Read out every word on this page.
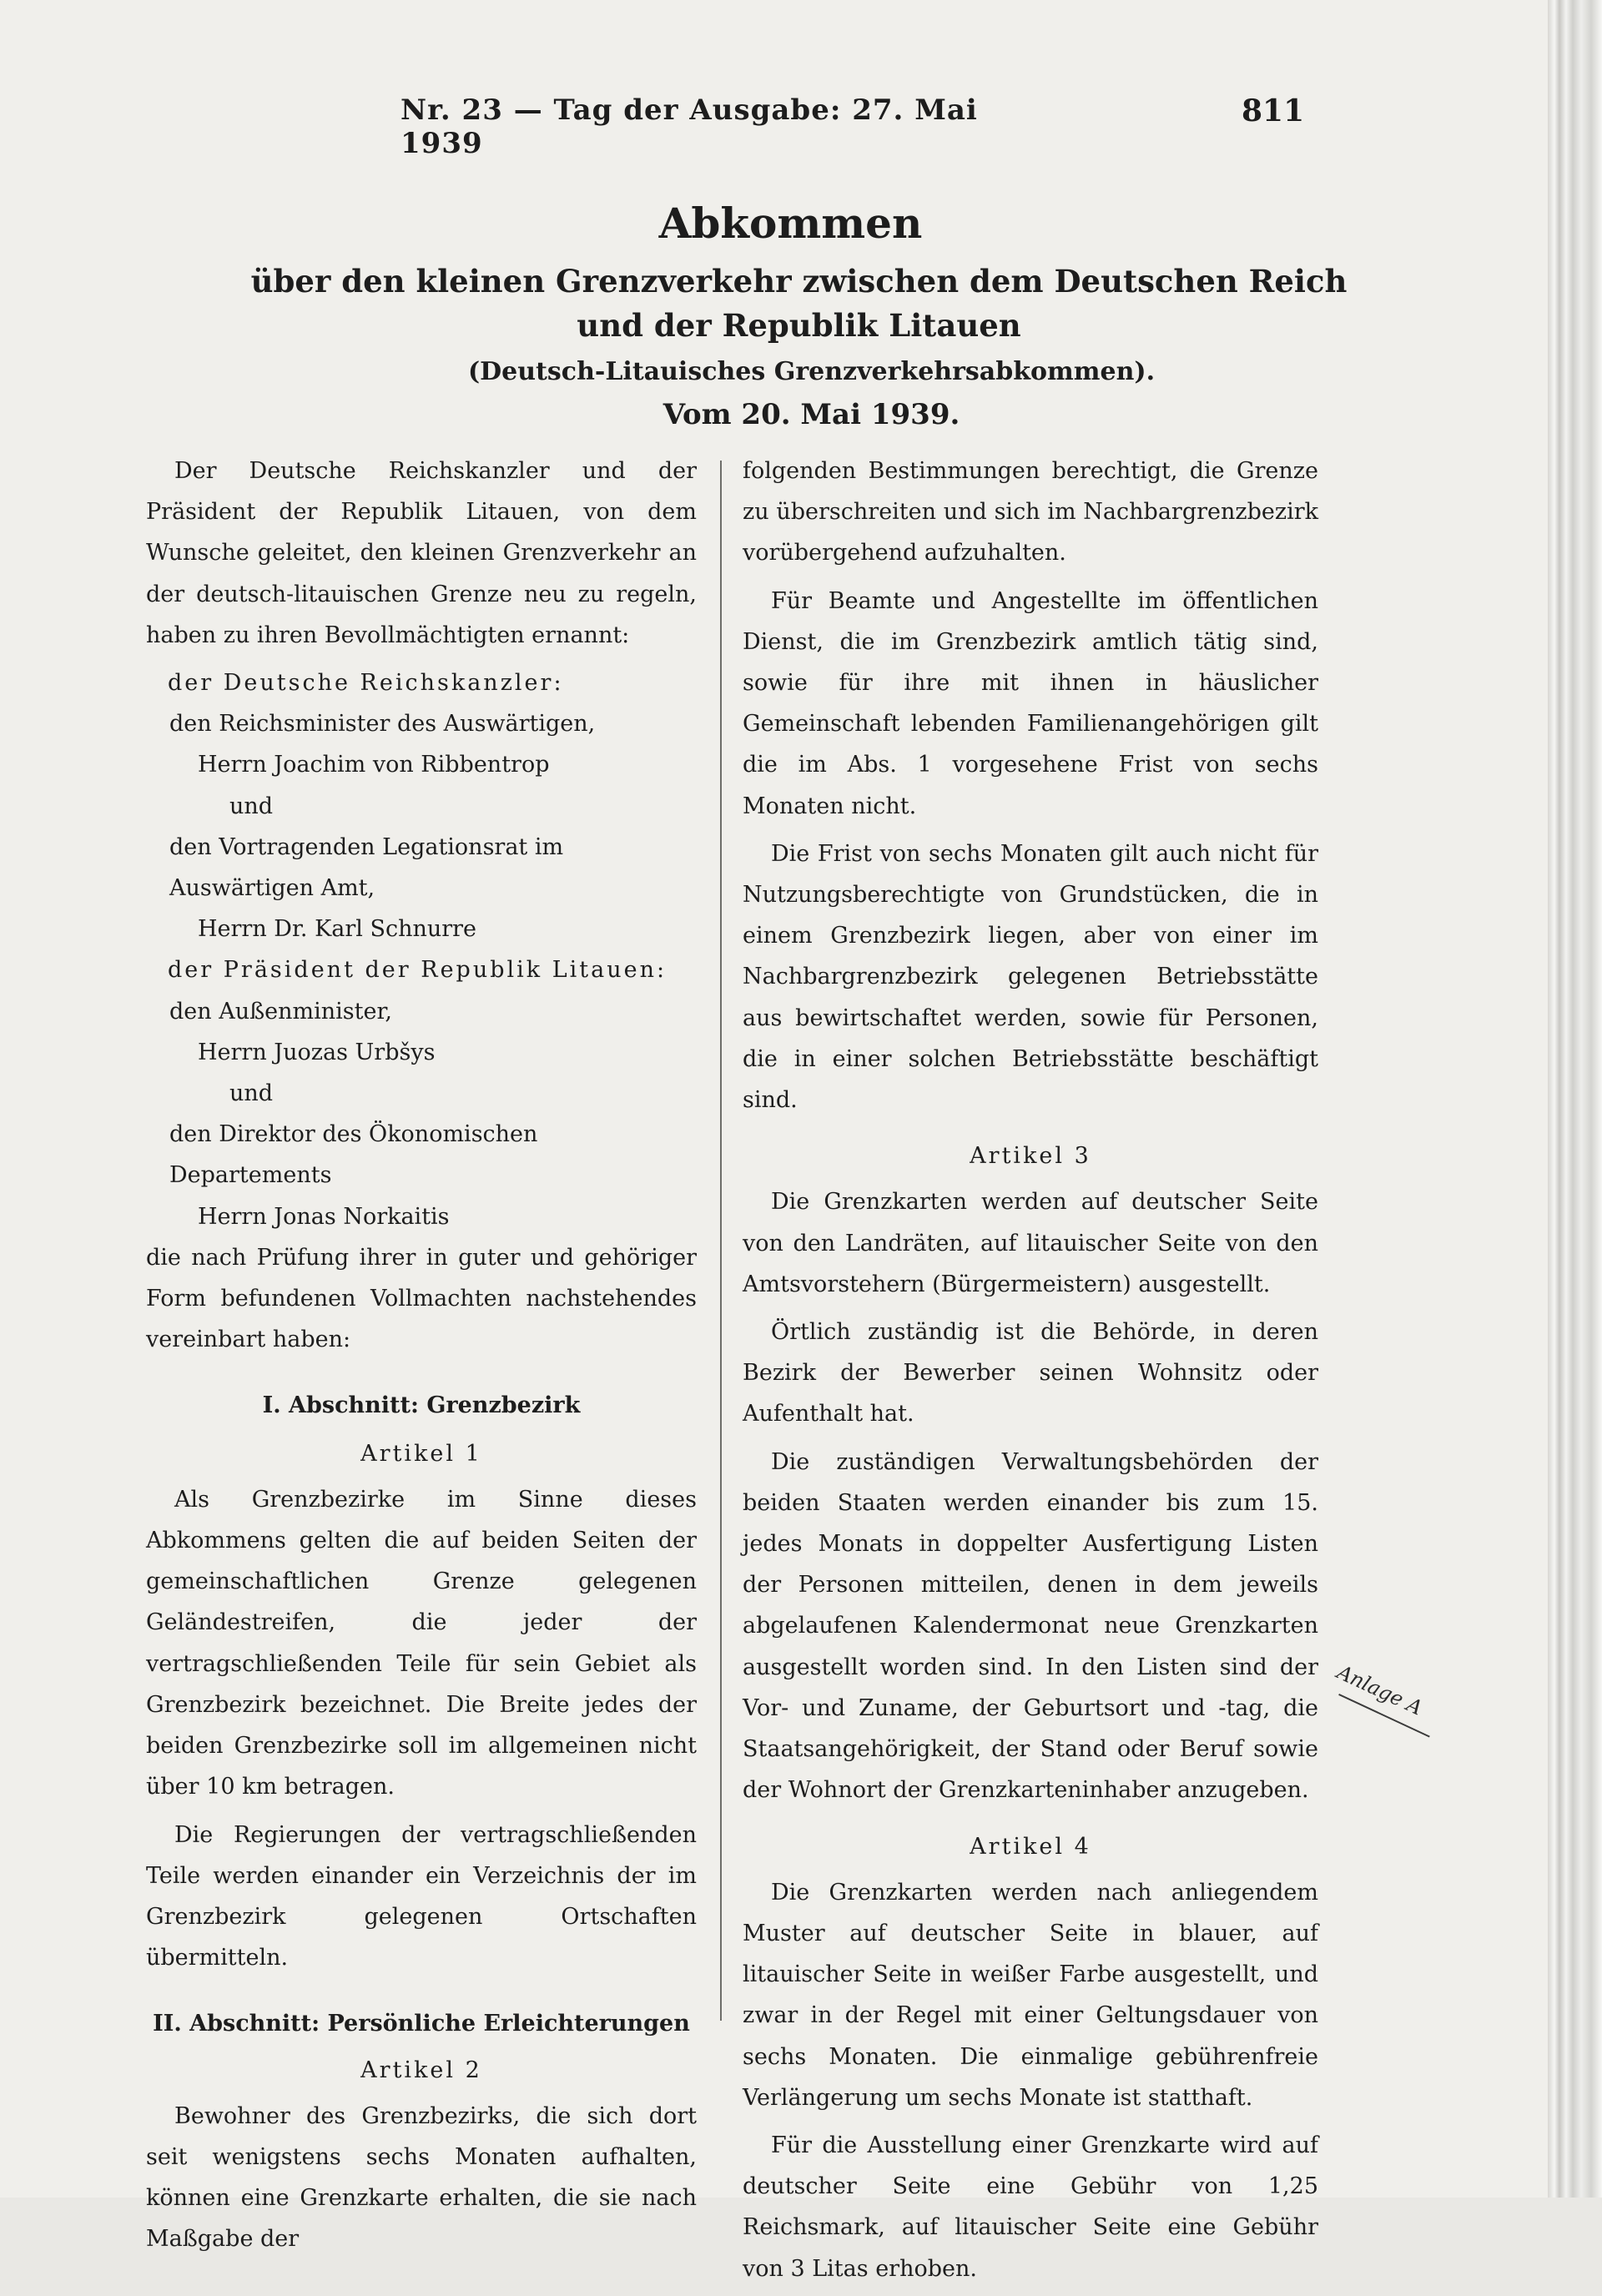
Nr. 23 — Tag der Ausgabe: 27. Mai 1939
811
Abkommen
über den kleinen Grenzverkehr zwischen dem Deutschen Reich
und der Republik Litauen
(Deutsch-Litauisches Grenzverkehrsabkommen).
Vom 20. Mai 1939.

Der Deutsche Reichskanzler und der Präsident der Republik Litauen, von dem Wunsche geleitet, den kleinen Grenzverkehr an der deutsch-litauischen Grenze neu zu regeln, haben zu ihren Bevollmächtigten ernannt:

der Deutsche Reichskanzler:
den Reichsminister des Auswärtigen,
Herrn Joachim von Ribbentrop
und
den Vortragenden Legationsrat im Auswärtigen Amt,
Herrn Dr. Karl Schnurre
der Präsident der Republik Litauen:
den Außenminister,
Herrn Juozas Urbšys
und
den Direktor des Ökonomischen Departements
Herrn Jonas Norkaitis

die nach Prüfung ihrer in guter und gehöriger Form befundenen Vollmachten nachstehendes vereinbart haben:

I. Abschnitt: Grenzbezirk
Artikel 1

Als Grenzbezirke im Sinne dieses Abkommens gelten die auf beiden Seiten der gemeinschaftlichen Grenze gelegenen Geländestreifen, die jeder der vertragschließenden Teile für sein Gebiet als Grenzbezirk bezeichnet. Die Breite jedes der beiden Grenzbezirke soll im allgemeinen nicht über 10 km betragen.

Die Regierungen der vertragschließenden Teile werden einander ein Verzeichnis der im Grenzbezirk gelegenen Ortschaften übermitteln.

II. Abschnitt: Persönliche Erleichterungen
Artikel 2

Bewohner des Grenzbezirks, die sich dort seit wenigstens sechs Monaten aufhalten, können eine Grenzkarte erhalten, die sie nach Maßgabe der

folgenden Bestimmungen berechtigt, die Grenze zu überschreiten und sich im Nachbargrenzbezirk vorübergehend aufzuhalten.

Für Beamte und Angestellte im öffentlichen Dienst, die im Grenzbezirk amtlich tätig sind, sowie für ihre mit ihnen in häuslicher Gemeinschaft lebenden Familienangehörigen gilt die im Abs. 1 vorgesehene Frist von sechs Monaten nicht.

Die Frist von sechs Monaten gilt auch nicht für Nutzungsberechtigte von Grundstücken, die in einem Grenzbezirk liegen, aber von einer im Nachbargrenzbezirk gelegenen Betriebsstätte aus bewirtschaftet werden, sowie für Personen, die in einer solchen Betriebsstätte beschäftigt sind.

Artikel 3

Die Grenzkarten werden auf deutscher Seite von den Landräten, auf litauischer Seite von den Amtsvorstehern (Bürgermeistern) ausgestellt.

Örtlich zuständig ist die Behörde, in deren Bezirk der Bewerber seinen Wohnsitz oder Aufenthalt hat.

Die zuständigen Verwaltungsbehörden der beiden Staaten werden einander bis zum 15. jedes Monats in doppelter Ausfertigung Listen der Personen mitteilen, denen in dem jeweils abgelaufenen Kalendermonat neue Grenzkarten ausgestellt worden sind. In den Listen sind der Vor- und Zuname, der Geburtsort und -tag, die Staatsangehörigkeit, der Stand oder Beruf sowie der Wohnort der Grenzkarteninhaber anzugeben.

Artikel 4

Die Grenzkarten werden nach anliegendem Muster auf deutscher Seite in blauer, auf litauischer Seite in weißer Farbe ausgestellt, und zwar in der Regel mit einer Geltungsdauer von sechs Monaten. Die einmalige gebührenfreie Verlängerung um sechs Monate ist statthaft.

Für die Ausstellung einer Grenzkarte wird auf deutscher Seite eine Gebühr von 1,25 Reichsmark, auf litauischer Seite eine Gebühr von 3 Litas erhoben.

Anlage A
